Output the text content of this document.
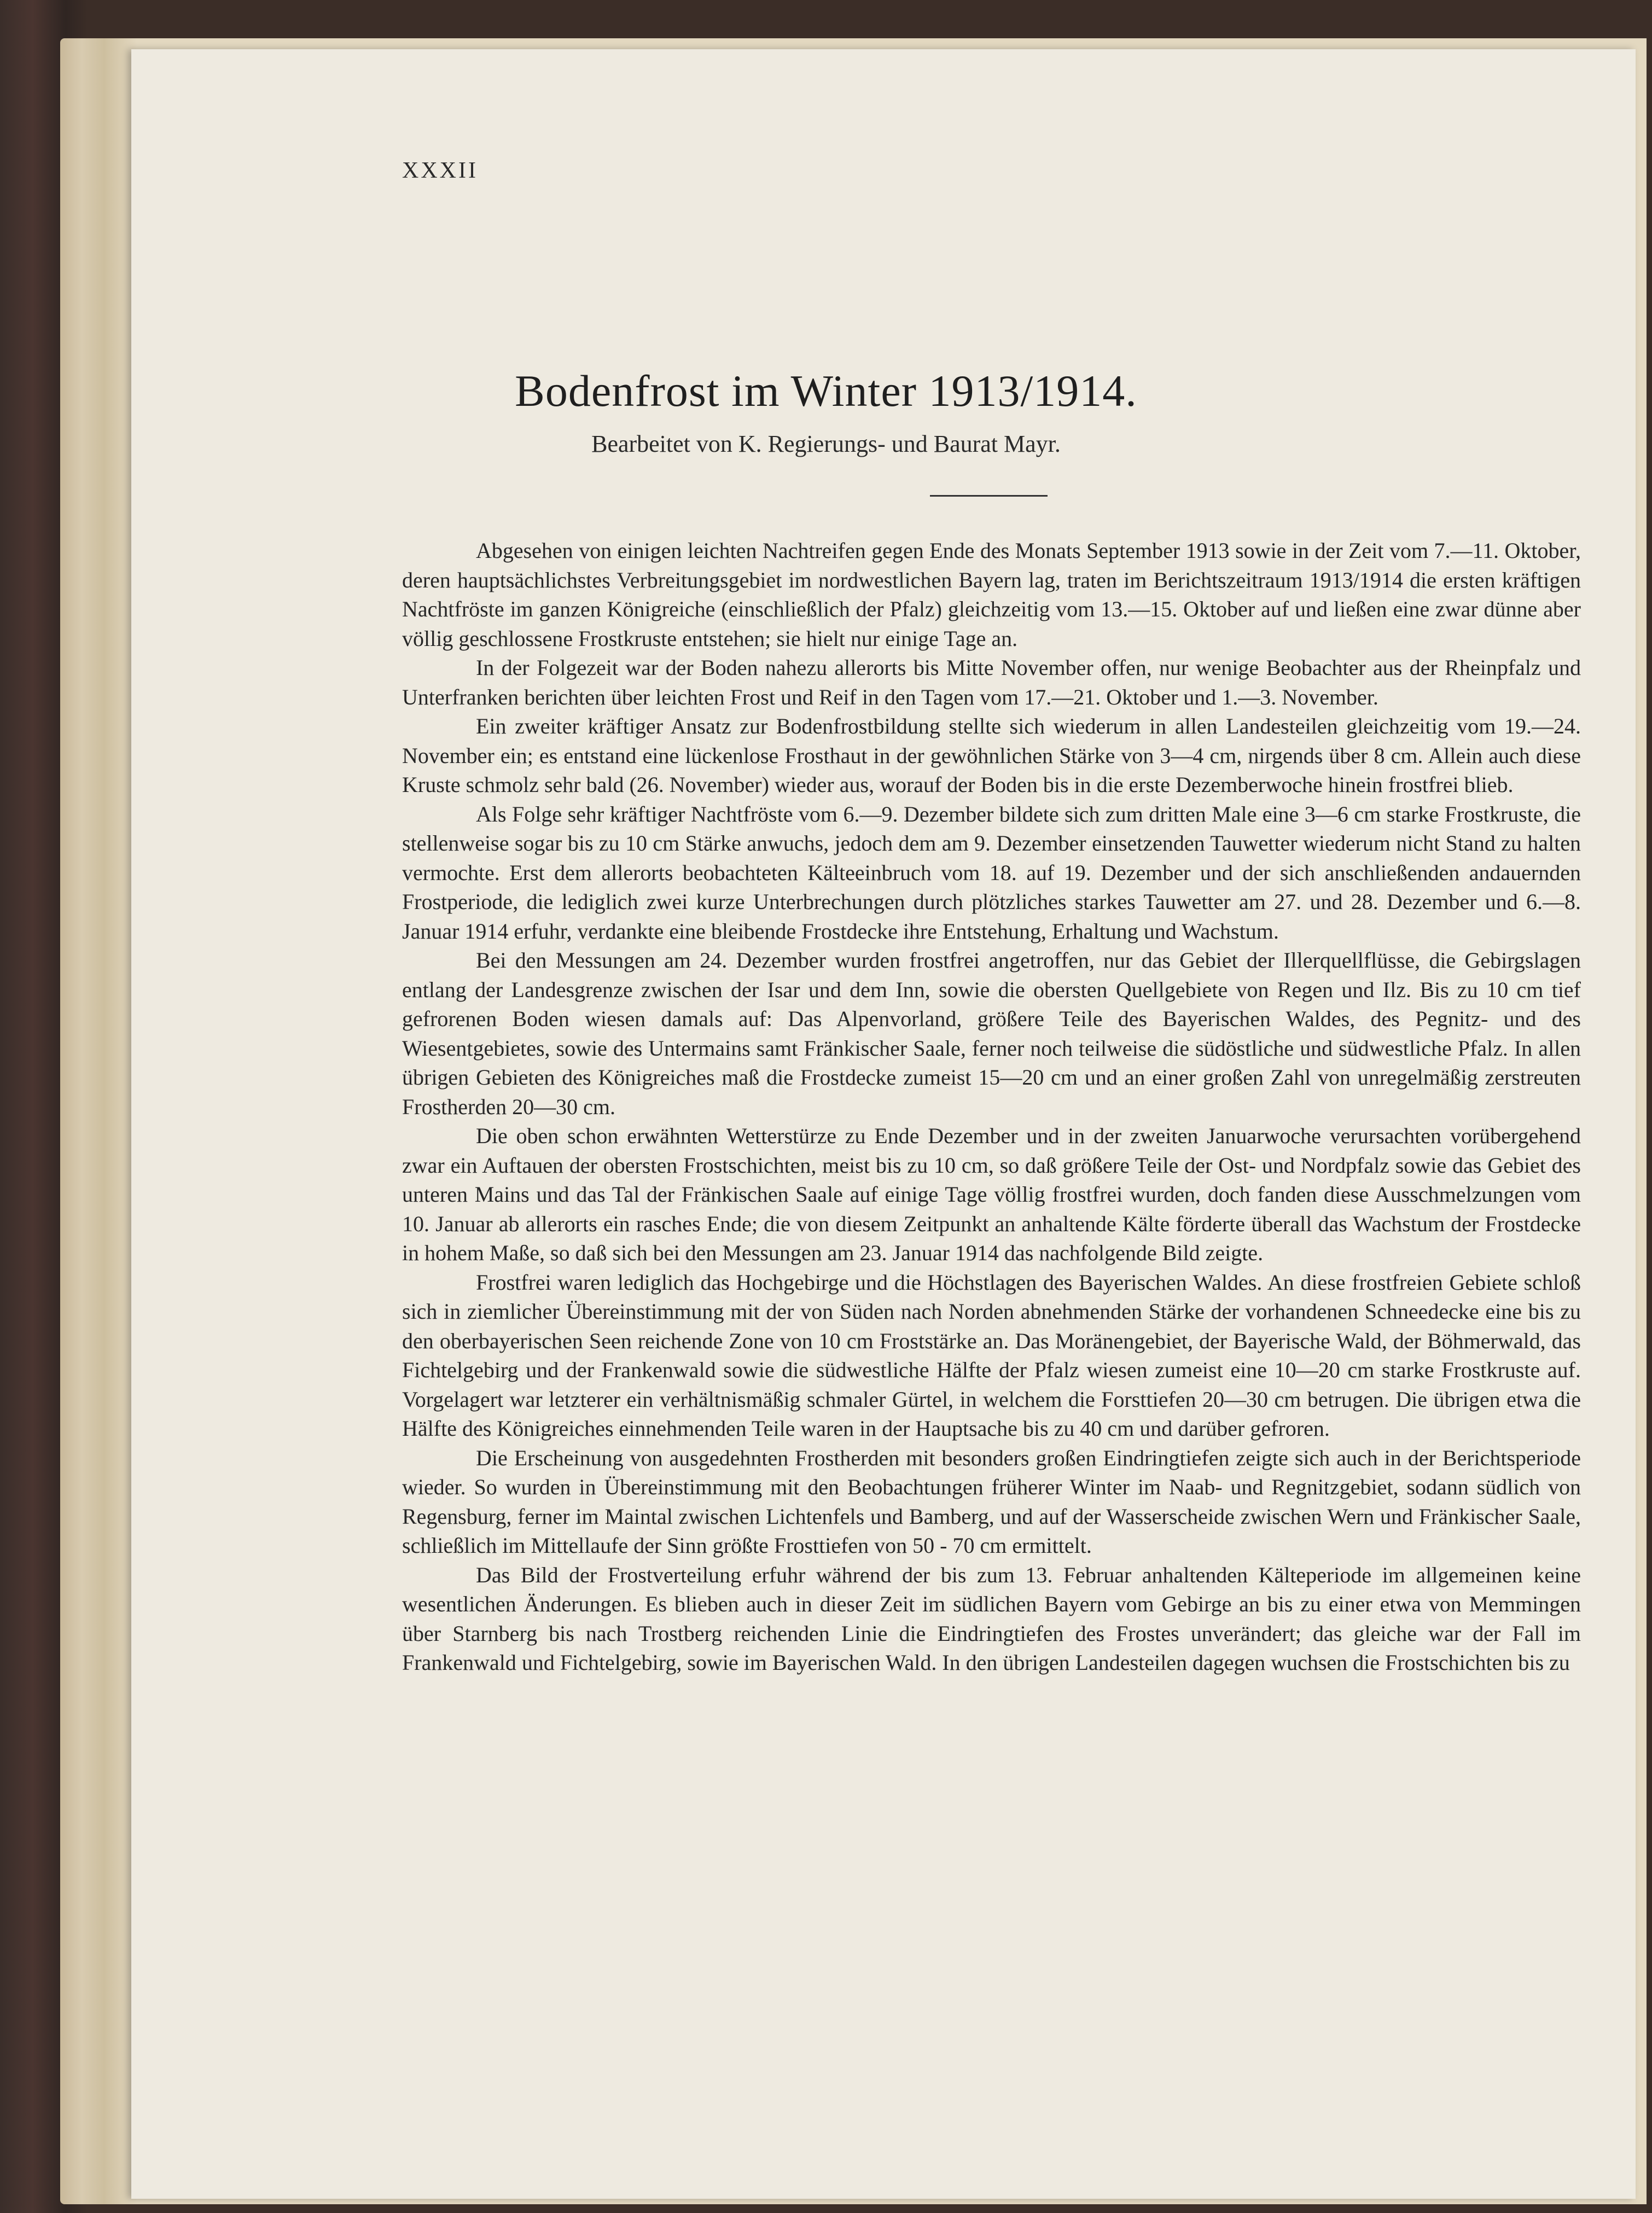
XXXII

Bodenfrost im Winter 1913/1914.

Bearbeitet von K. Regierungs- und Baurat Mayr.

Abgesehen von einigen leichten Nachtreifen gegen Ende des Monats September 1913 sowie in der Zeit vom 7.—11. Oktober, deren hauptsächlichstes Verbreitungsgebiet im nordwestlichen Bayern lag, traten im Berichtszeitraum 1913/1914 die ersten kräftigen Nachtfröste im ganzen Königreiche (einschließlich der Pfalz) gleichzeitig vom 13.—15. Oktober auf und ließen eine zwar dünne aber völlig geschlossene Frostkruste entstehen; sie hielt nur einige Tage an.

In der Folgezeit war der Boden nahezu allerorts bis Mitte November offen, nur wenige Beobachter aus der Rheinpfalz und Unterfranken berichten über leichten Frost und Reif in den Tagen vom 17.—21. Oktober und 1.—3. November.

Ein zweiter kräftiger Ansatz zur Bodenfrostbildung stellte sich wiederum in allen Landesteilen gleichzeitig vom 19.—24. November ein; es entstand eine lückenlose Frosthaut in der gewöhnlichen Stärke von 3—4 cm, nirgends über 8 cm. Allein auch diese Kruste schmolz sehr bald (26. November) wieder aus, worauf der Boden bis in die erste Dezemberwoche hinein frostfrei blieb.

Als Folge sehr kräftiger Nachtfröste vom 6.—9. Dezember bildete sich zum dritten Male eine 3—6 cm starke Frostkruste, die stellenweise sogar bis zu 10 cm Stärke anwuchs, jedoch dem am 9. Dezember einsetzenden Tauwetter wiederum nicht Stand zu halten vermochte. Erst dem allerorts beobachteten Kälteeinbruch vom 18. auf 19. Dezember und der sich anschließenden andauernden Frostperiode, die lediglich zwei kurze Unterbrechungen durch plötzliches starkes Tauwetter am 27. und 28. Dezember und 6.—8. Januar 1914 erfuhr, verdankte eine bleibende Frostdecke ihre Entstehung, Erhaltung und Wachstum.

Bei den Messungen am 24. Dezember wurden frostfrei angetroffen, nur das Gebiet der Illerquellflüsse, die Gebirgslagen entlang der Landesgrenze zwischen der Isar und dem Inn, sowie die obersten Quellgebiete von Regen und Ilz. Bis zu 10 cm tief gefrorenen Boden wiesen damals auf: Das Alpenvorland, größere Teile des Bayerischen Waldes, des Pegnitz- und des Wiesentgebietes, sowie des Untermains samt Fränkischer Saale, ferner noch teilweise die südöstliche und südwestliche Pfalz. In allen übrigen Gebieten des Königreiches maß die Frostdecke zumeist 15—20 cm und an einer großen Zahl von unregelmäßig zerstreuten Frostherden 20—30 cm.

Die oben schon erwähnten Wetterstürze zu Ende Dezember und in der zweiten Januarwoche verursachten vorübergehend zwar ein Auftauen der obersten Frostschichten, meist bis zu 10 cm, so daß größere Teile der Ost- und Nordpfalz sowie das Gebiet des unteren Mains und das Tal der Fränkischen Saale auf einige Tage völlig frostfrei wurden, doch fanden diese Ausschmelzungen vom 10. Januar ab allerorts ein rasches Ende; die von diesem Zeitpunkt an anhaltende Kälte förderte überall das Wachstum der Frostdecke in hohem Maße, so daß sich bei den Messungen am 23. Januar 1914 das nachfolgende Bild zeigte.

Frostfrei waren lediglich das Hochgebirge und die Höchstlagen des Bayerischen Waldes. An diese frostfreien Gebiete schloß sich in ziemlicher Übereinstimmung mit der von Süden nach Norden abnehmenden Stärke der vorhandenen Schneedecke eine bis zu den oberbayerischen Seen reichende Zone von 10 cm Froststärke an. Das Moränengebiet, der Bayerische Wald, der Böhmerwald, das Fichtelgebirg und der Frankenwald sowie die südwestliche Hälfte der Pfalz wiesen zumeist eine 10—20 cm starke Frostkruste auf. Vorgelagert war letzterer ein verhältnismäßig schmaler Gürtel, in welchem die Forsttiefen 20—30 cm betrugen. Die übrigen etwa die Hälfte des Königreiches einnehmenden Teile waren in der Hauptsache bis zu 40 cm und darüber gefroren.

Die Erscheinung von ausgedehnten Frostherden mit besonders großen Eindringtiefen zeigte sich auch in der Berichtsperiode wieder. So wurden in Übereinstimmung mit den Beobachtungen früherer Winter im Naab- und Regnitzgebiet, sodann südlich von Regensburg, ferner im Maintal zwischen Lichtenfels und Bamberg, und auf der Wasserscheide zwischen Wern und Fränkischer Saale, schließlich im Mittellaufe der Sinn größte Frosttiefen von 50 - 70 cm ermittelt.

Das Bild der Frostverteilung erfuhr während der bis zum 13. Februar anhaltenden Kälteperiode im allgemeinen keine wesentlichen Änderungen. Es blieben auch in dieser Zeit im südlichen Bayern vom Gebirge an bis zu einer etwa von Memmingen über Starnberg bis nach Trostberg reichenden Linie die Eindringtiefen des Frostes unverändert; das gleiche war der Fall im Frankenwald und Fichtelgebirg, sowie im Bayerischen Wald. In den übrigen Landesteilen dagegen wuchsen die Frostschichten bis zu
